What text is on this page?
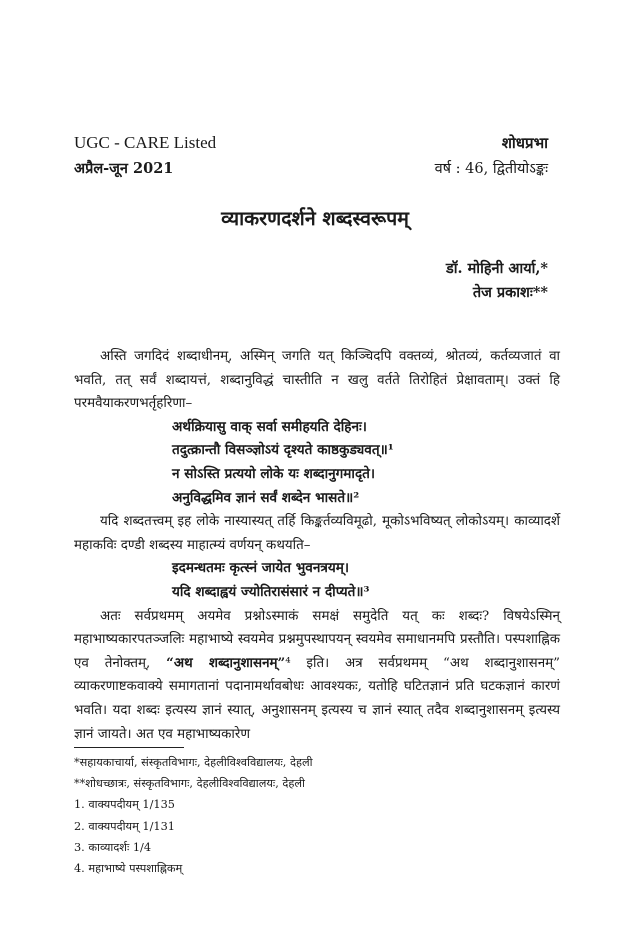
UGC - CARE Listed	शोधप्रभा
अप्रैल-जून 2021	वर्ष : 46, द्वितीयोऽङ्कः
व्याकरणदर्शने शब्दस्वरूपम्
डॉ. मोहिनी आर्या,*
तेज प्रकाशः**

अस्ति जगदिदं शब्दाधीनम्, अस्मिन् जगति यत् किञ्चिदपि वक्तव्यं, श्रोतव्यं, कर्तव्यजातं वा भवति, तत् सर्वं शब्दायत्तं, शब्दानुविद्धं चास्तीति न खलु वर्तते तिरोहितं प्रेक्षावताम्। उक्तं हि परमवैयाकरणभर्तृहरिणा–

अर्थक्रियासु वाक् सर्वा समीहयति देहिनः।

तदुत्क्रान्तौ विसञ्ज्ञोऽयं दृश्यते काष्ठकुड्यवत्॥¹

न सोऽस्ति प्रत्ययो लोके यः शब्दानुगमादृते।

अनुविद्धमिव ज्ञानं सर्वं शब्देन भासते॥²

यदि शब्दतत्त्वम् इह लोके नास्यास्यत् तर्हि किङ्कर्तव्यविमूढो, मूकोऽभविष्यत् लोकोऽयम्। काव्यादर्शे महाकविः दण्डी शब्दस्य माहात्म्यं वर्णयन् कथयति–

इदमन्धतमः कृत्स्नं जायेत भुवनत्रयम्।

यदि शब्दाह्वयं ज्योतिरासंसारं न दीप्यते॥³

अतः सर्वप्रथमम् अयमेव प्रश्नोऽस्माकं समक्षं समुदेति यत् कः शब्दः? विषयेऽस्मिन् महाभाष्यकारपतञ्जलिः महाभाष्ये स्वयमेव प्रश्नमुपस्थापयन् स्वयमेव समाधानमपि प्रस्तौति। पस्पशाह्निक एव तेनोक्तम्, “अथ शब्दानुशासनम्”⁴ इति। अत्र सर्वप्रथमम् “अथ शब्दानुशासनम्” व्याकरणाष्टकवाक्ये समागतानां पदानामर्थावबोधः आवश्यकः, यतोहि घटितज्ञानं प्रति घटकज्ञानं कारणं भवति। यदा शब्दः इत्यस्य ज्ञानं स्यात्, अनुशासनम् इत्यस्य च ज्ञानं स्यात् तदैव शब्दानुशासनम् इत्यस्य ज्ञानं जायते। अत एव महाभाष्यकारेण

*सहायकाचार्या, संस्कृतविभागः, देहलीविश्वविद्यालयः, देहली
**शोधच्छात्रः, संस्कृतविभागः, देहलीविश्वविद्यालयः, देहली
1. वाक्यपदीयम् 1/135
2. वाक्यपदीयम् 1/131
3. काव्यादर्शः 1/4
4. महाभाष्ये पस्पशाह्निकम्
